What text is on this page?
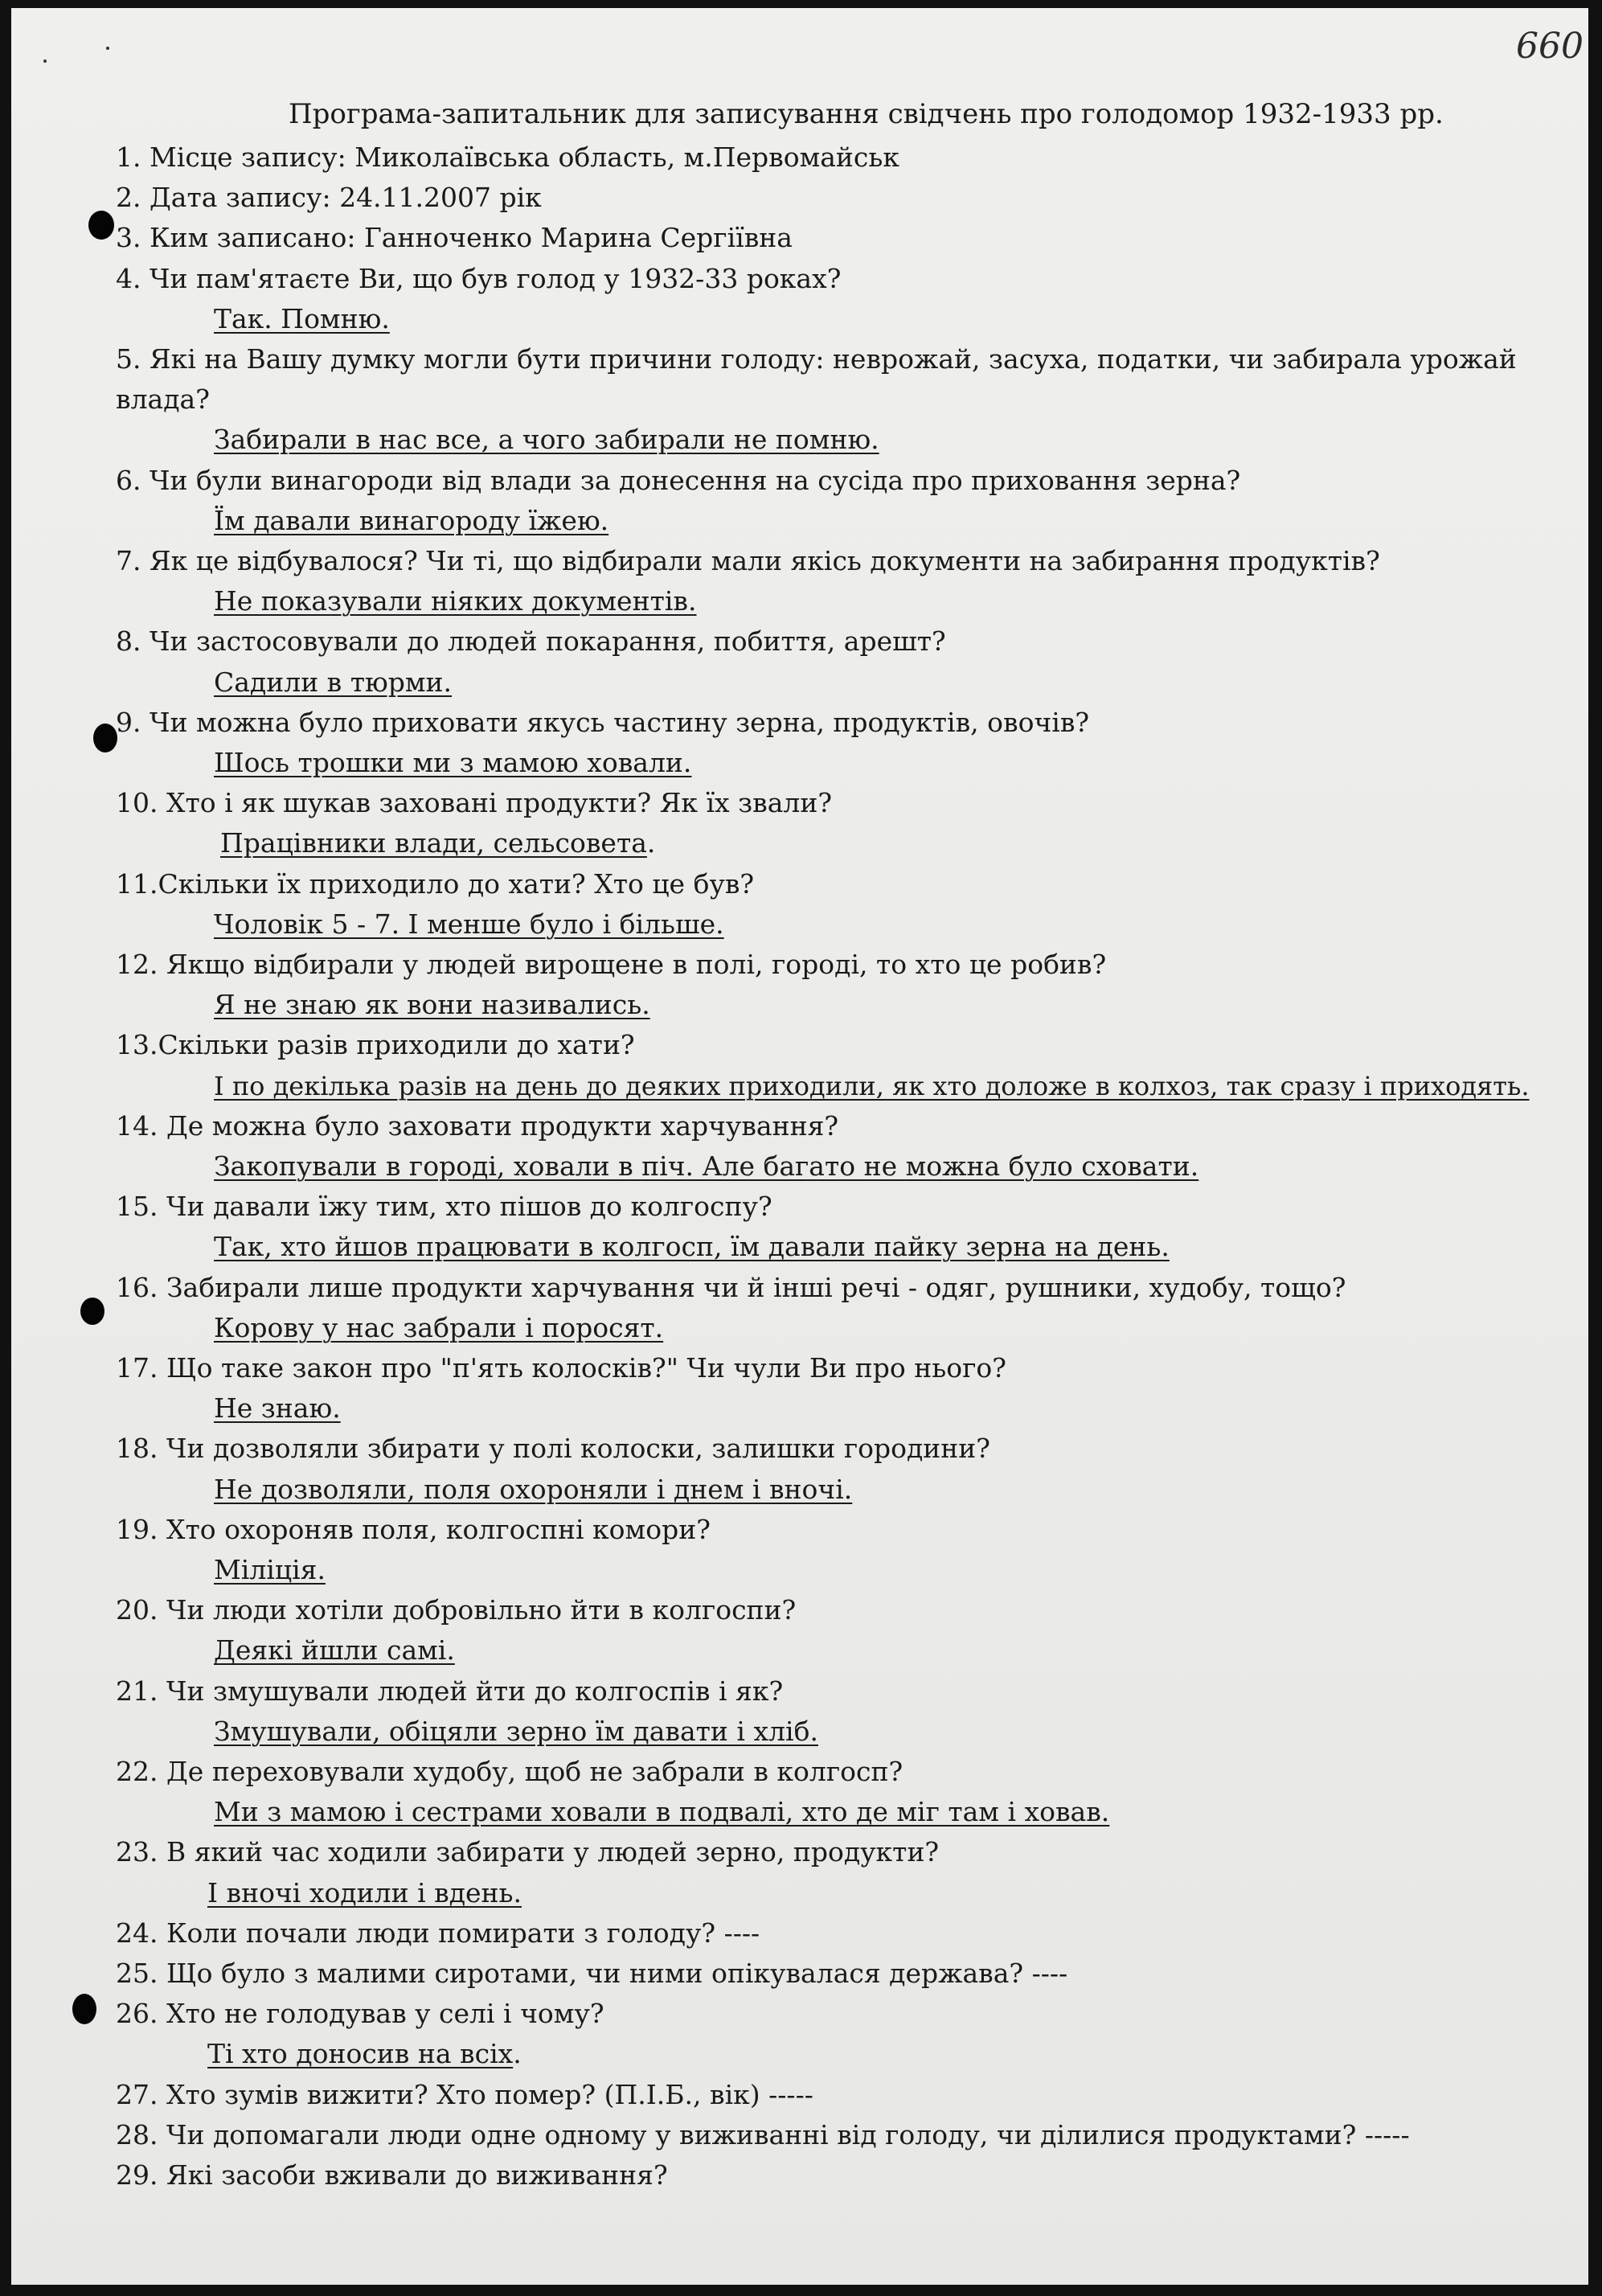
660
Програма-запитальник для записування свідчень про голодомор 1932-1933 рр.
1. Місце запису: Миколаївська область, м.Первомайськ
2. Дата запису: 24.11.2007 рік
3. Ким записано: Ганноченко Марина Сергіївна
4. Чи пам'ятаєте Ви, що був голод у 1932-33 роках?
Так. Помню.
5. Які на Вашу думку могли бути причини голоду: неврожай, засуха, податки, чи забирала урожай
влада?
Забирали в нас все, а чого забирали не помню.
6. Чи були винагороди від влади за донесення на сусіда про приховання зерна?
Їм давали винагороду їжею.
7. Як це відбувалося? Чи ті, що відбирали мали якісь документи на забирання продуктів?
Не показували ніяких документів.
8. Чи застосовували до людей покарання, побиття, арешт?
Садили в тюрми.
9. Чи можна було приховати якусь частину зерна, продуктів, овочів?
Шось трошки ми з мамою ховали.
10. Хто і як шукав заховані продукти? Як їх звали?
Працівники влади, сельсовета.
11.Скільки їх приходило до хати? Хто це був?
Чоловік 5 - 7. І менше було і більше.
12. Якщо відбирали у людей вирощене в полі, городі, то хто це робив?
Я не знаю як вони називались.
13.Скільки разів приходили до хати?
І по декілька разів на день до деяких приходили, як хто доложе в колхоз, так сразу і приходять.
14. Де можна було заховати продукти харчування?
Закопували в городі, ховали в піч. Але багато не можна було сховати.
15. Чи давали їжу тим, хто пішов до колгоспу?
Так, хто йшов працювати в колгосп, їм давали пайку зерна на день.
16. Забирали лише продукти харчування чи й інші речі - одяг, рушники, худобу, тощо?
Корову у нас забрали і поросят.
17. Що таке закон про "п'ять колосків?" Чи чули Ви про нього?
Не знаю.
18. Чи дозволяли збирати у полі колоски, залишки городини?
Не дозволяли, поля охороняли і днем і вночі.
19. Хто охороняв поля, колгоспні комори?
Міліція.
20. Чи люди хотіли добровільно йти в колгоспи?
Деякі йшли самі.
21. Чи змушували людей йти до колгоспів і як?
Змушували, обіцяли зерно їм давати і хліб.
22. Де переховували худобу, щоб не забрали в колгосп?
Ми з мамою і сестрами ховали в подвалі, хто де міг там і ховав.
23. В який час ходили забирати у людей зерно, продукти?
І вночі ходили і вдень.
24. Коли почали люди помирати з голоду? ----
25. Що було з малими сиротами, чи ними опікувалася держава? ----
26. Хто не голодував у селі і чому?
Ті хто доносив на всіх.
27. Хто зумів вижити? Хто помер? (П.І.Б., вік) -----
28. Чи допомагали люди одне одному у виживанні від голоду, чи ділилися продуктами? -----
29. Які засоби вживали до виживання?
